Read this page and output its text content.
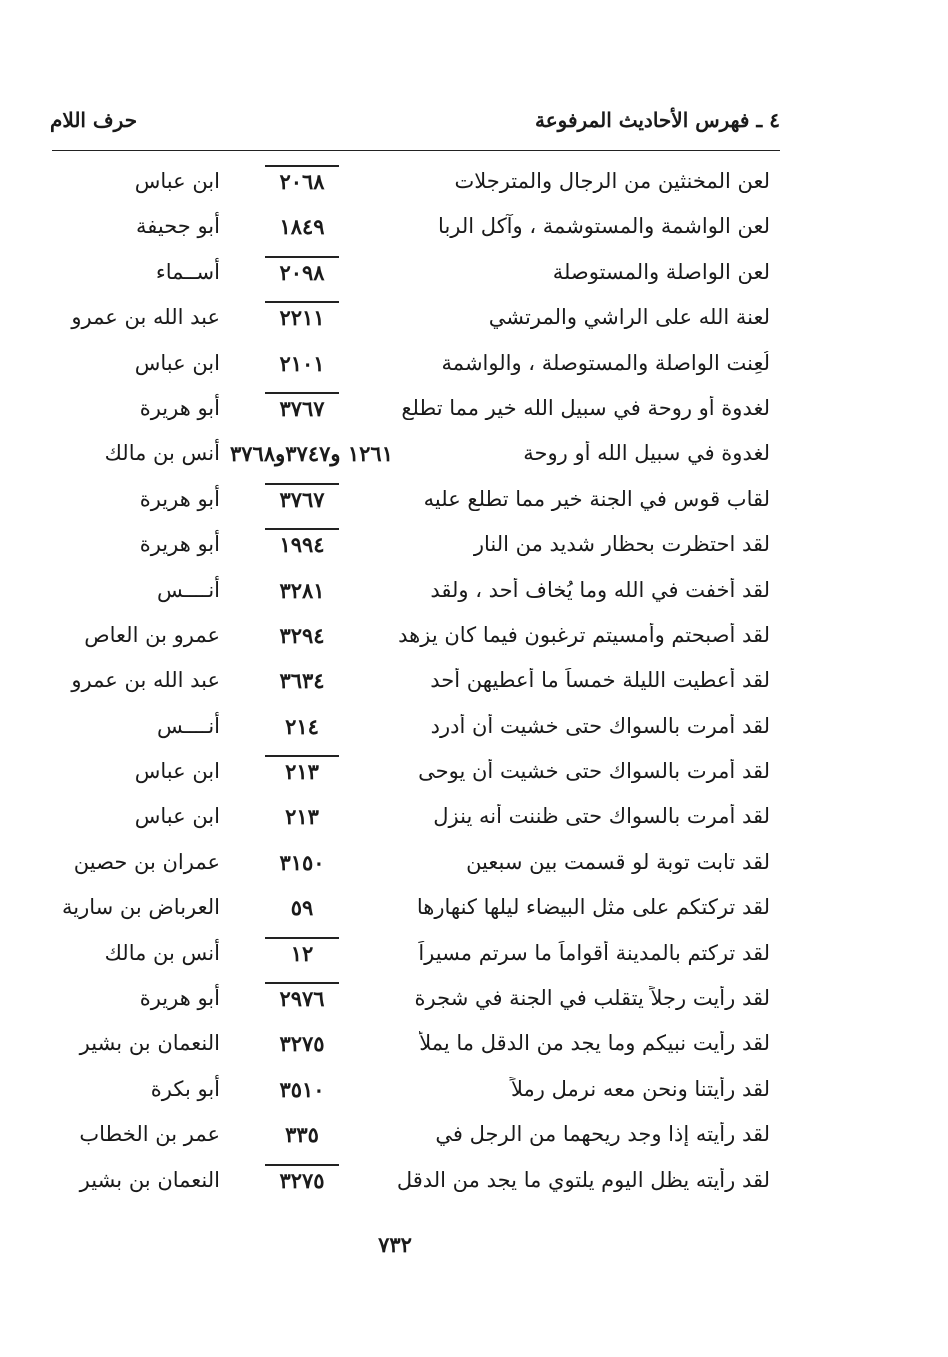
٤ ـ فهرس الأحاديث المرفوعة
حرف اللام
لعن المخنثين من الرجال والمترجلات
٢٠٦٨
ابن عباس
لعن الواشمة والمستوشمة ، وآكل الربا
١٨٤٩
أبو جحيفة
لعن الواصلة والمستوصلة
٢٠٩٨
أســماء
لعنة الله على الراشي والمرتشي
٢٢١١
عبد الله بن عمرو
لُعِنت الواصلة والمستوصلة ، والواشمة
٢١٠١
ابن عباس
لغدوة أو روحة في سبيل الله خير مما تطلع
٣٧٦٧
أبو هريرة
لغدوة في سبيل الله أو روحة
١٢٦١ و٣٧٤٧و٣٧٦٨
أنس بن مالك
لقاب قوس في الجنة خير مما تطلع عليه
٣٧٦٧
أبو هريرة
لقد احتظرت بحظار شديد من النار
١٩٩٤
أبو هريرة
لقد أخفت في الله وما يُخاف أحد ، ولقد
٣٢٨١
أنــــس
لقد أصبحتم وأمسيتم ترغبون فيما كان يزهد
٣٢٩٤
عمرو بن العاص
لقد أعطيت الليلة خمساً ما أعطيهن أحد
٣٦٣٤
عبد الله بن عمرو
لقد أمرت بالسواك حتى خشيت أن أدرد
٢١٤
أنــــس
لقد أمرت بالسواك حتى خشيت أن يوحى
٢١٣
ابن عباس
لقد أمرت بالسواك حتى ظننت أنه ينزل
٢١٣
ابن عباس
لقد تابت توبة لو قسمت بين سبعين
٣١٥٠
عمران بن حصين
لقد تركتكم على مثل البيضاء ليلها كنهارها
٥٩
العرباض بن سارية
لقد تركتم بالمدينة أقواماً ما سرتم مسيراً
١٢
أنس بن مالك
لقد رأيت رجلاً يتقلب في الجنة في شجرة
٢٩٧٦
أبو هريرة
لقد رأيت نبيكم وما يجد من الدقل ما يملأ
٣٢٧٥
النعمان بن بشير
لقد رأيتنا ونحن معه نرمل رملاً
٣٥١٠
أبو بكرة
لقد رأيته إذا وجد ريحهما من الرجل في
٣٣٥
عمر بن الخطاب
لقد رأيته يظل اليوم يلتوي ما يجد من الدقل
٣٢٧٥
النعمان بن بشير
٧٣٢
